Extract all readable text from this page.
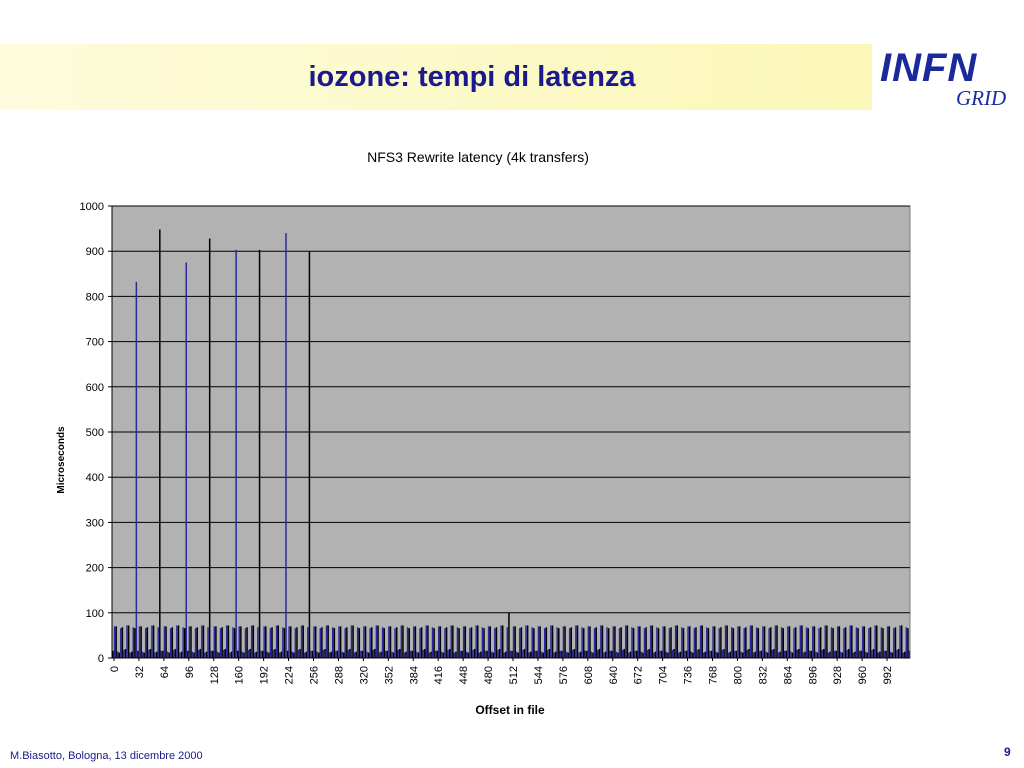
iozone: tempi di latenza	INFN
GRID
NFS3 Rewrite latency (4k transfers)
0
100
200
300
400
500
600
700
800
900
1000
0 32 64 96 128 160 192 224 256 288 320 352 384 416 448 480 512 544 576 608 640 672 704 736 768 800 832 864 896 928 960 992
Microseconds
Offset in file
M.Biasotto, Bologna, 13 dicembre 2000	9
